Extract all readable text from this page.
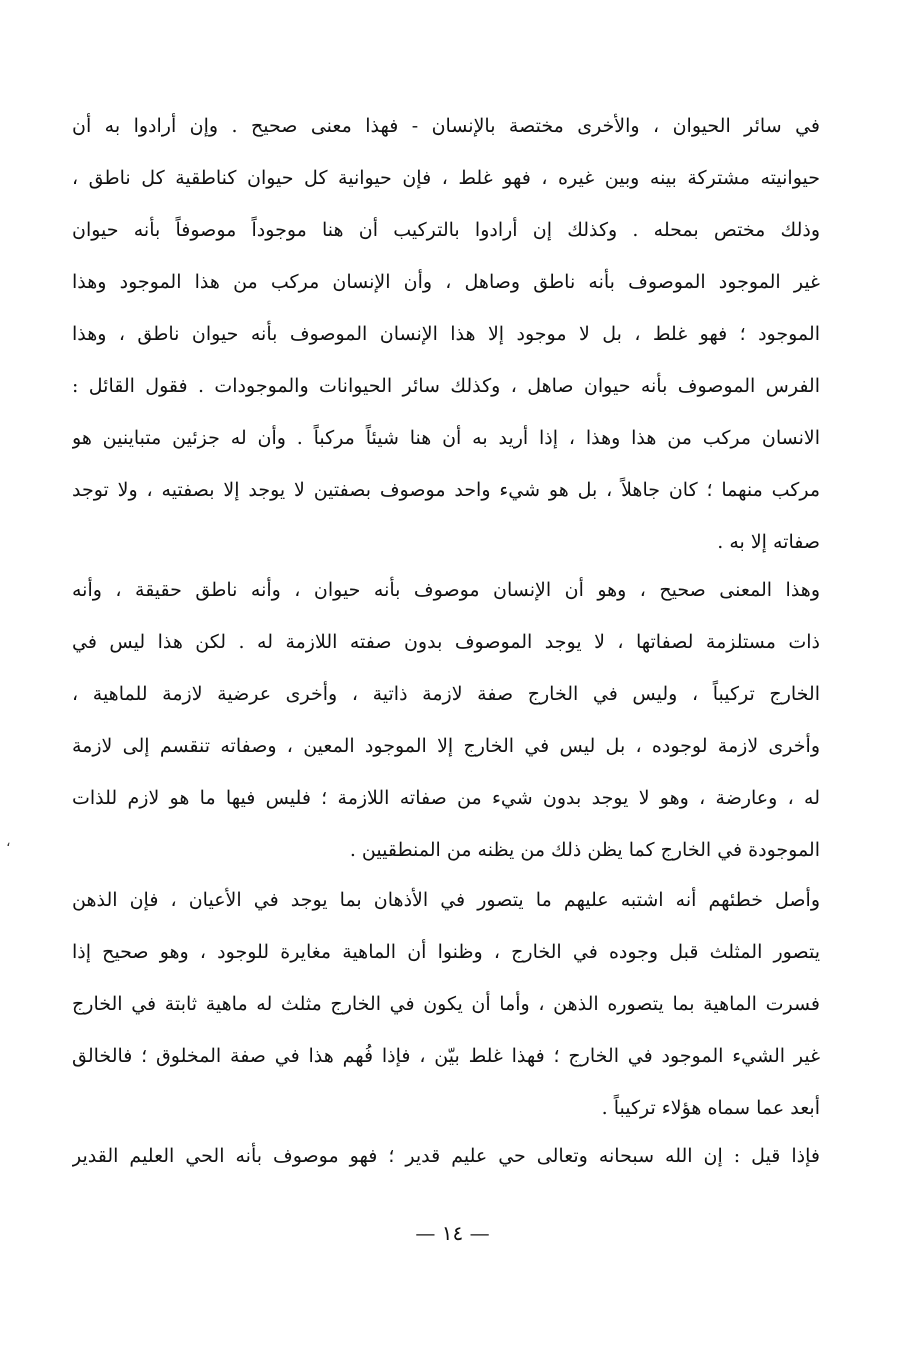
في سائر الحيوان ، والأخرى مختصة بالإنسان - فهذا معنى صحيح . وإن أرادوا به أن
حيوانيته مشتركة بينه وبين غيره ، فهو غلط ، فإن حيوانية كل حيوان كناطقية كل ناطق ،
وذلك مختص بمحله . وكذلك إن أرادوا بالتركيب أن هنا موجوداً موصوفاً بأنه حيوان
غير الموجود الموصوف بأنه ناطق وصاهل ، وأن الإنسان مركب من هذا الموجود وهذا
الموجود ؛ فهو غلط ، بل لا موجود إلا هذا الإنسان الموصوف بأنه حيوان ناطق ، وهذا
الفرس الموصوف بأنه حيوان صاهل ، وكذلك سائر الحيوانات والموجودات . فقول القائل :
الانسان مركب من هذا وهذا ، إذا أريد به أن هنا شيئاً مركباً . وأن له جزئين متباينين هو
مركب منهما ؛ كان جاهلاً ، بل هو شيء واحد موصوف بصفتين لا يوجد إلا بصفتيه ، ولا توجد
صفاته إلا به .
وهذا المعنى صحيح ، وهو أن الإنسان موصوف بأنه حيوان ، وأنه ناطق حقيقة ، وأنه
ذات مستلزمة لصفاتها ، لا يوجد الموصوف بدون صفته اللازمة له . لكن هذا ليس في
الخارج تركيباً ، وليس في الخارج صفة لازمة ذاتية ، وأخرى عرضية لازمة للماهية ،
وأخرى لازمة لوجوده ، بل ليس في الخارج إلا الموجود المعين ، وصفاته تنقسم إلى لازمة
له ، وعارضة ، وهو لا يوجد بدون شيء من صفاته اللازمة ؛ فليس فيها ما هو لازم للذات
الموجودة في الخارج كما يظن ذلك من يظنه من المنطقيين .
وأصل خطئهم أنه اشتبه عليهم ما يتصور في الأذهان بما يوجد في الأعيان ، فإن الذهن
يتصور المثلث قبل وجوده في الخارج ، وظنوا أن الماهية مغايرة للوجود ، وهو صحيح إذا
فسرت الماهية بما يتصوره الذهن ، وأما أن يكون في الخارج مثلث له ماهية ثابتة في الخارج
غير الشيء الموجود في الخارج ؛ فهذا غلط بيّن ، فإذا فُهم هذا في صفة المخلوق ؛ فالخالق
أبعد عما سماه هؤلاء تركيباً .
فإذا قيل : إن الله سبحانه وتعالى حي عليم قدير ؛ فهو موصوف بأنه الحي العليم القدير
— ١٤ —
،
